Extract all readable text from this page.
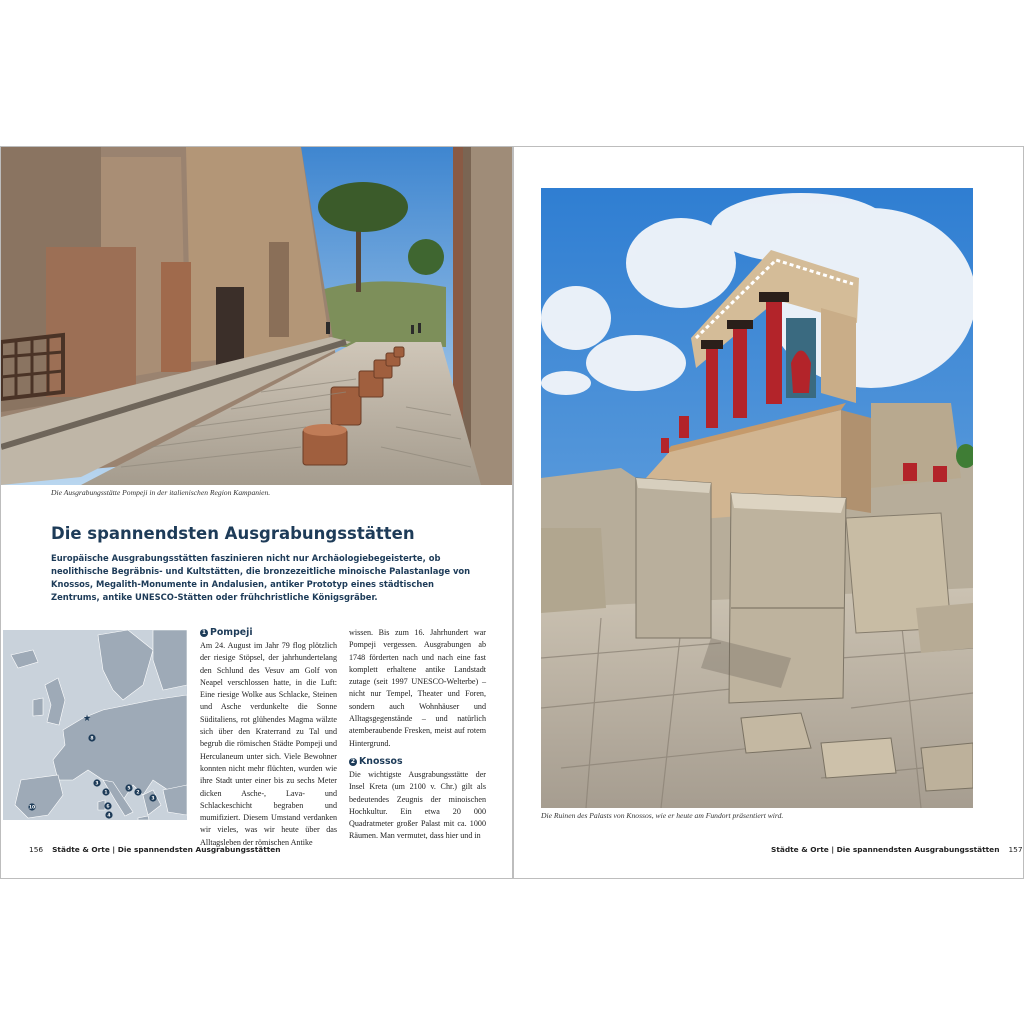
Die Ausgrabungsstätte Pompeji in der italienischen Region Kampanien.
Die spannendsten Ausgrabungsstätten

Europäische Ausgrabungsstätten faszinieren nicht nur Archäologiebegeisterte, ob neolithische Begräbnis- und Kultstätten, die bronzezeitliche minoische Palastanlage von Knossos, Megalith-Monumente in Andalusien, antiker Prototyp eines städtischen Zentrums, antike UNESCO-Stätten oder frühchristliche Königsgräber.

★
8
3
1
5
2
6
4
10
3
1 Pompeji

Am 24. August im Jahr 79 flog plötzlich der riesige Stöpsel, der jahrhundertelang den Schlund des Vesuv am Golf von Neapel verschlossen hatte, in die Luft: Eine riesige Wolke aus Schlacke, Steinen und Asche verdunkelte die Sonne Süditaliens, rot glühendes Magma wälzte sich über den Kraterrand zu Tal und begrub die römischen Städte Pompeji und Herculaneum unter sich. Viele Bewohner konnten nicht mehr flüchten, wurden wie ihre Stadt unter einer bis zu sechs Meter dicken Asche-, Lava- und Schlackeschicht begraben und mumifiziert. Diesem Umstand verdanken wir vieles, was wir heute über das Alltagsleben der römischen Antike

wissen. Bis zum 16. Jahrhundert war Pompeji vergessen. Ausgrabungen ab 1748 förderten nach und nach eine fast komplett erhaltene antike Landstadt zutage (seit 1997 UNESCO-Welterbe) – nicht nur Tempel, Theater und Foren, sondern auch Wohnhäuser und Alltagsgegenstände – und natürlich atemberaubende Fresken, meist auf rotem Hintergrund.

2 Knossos

Die wichtigste Ausgrabungsstätte der Insel Kreta (um 2100 v. Chr.) gilt als bedeutendes Zeugnis der minoischen Hochkultur. Ein etwa 20 000 Quadratmeter großer Palast mit ca. 1000 Räumen. Man vermutet, dass hier und in

156 Städte & Orte | Die spannendsten Ausgrabungsstätten
Die Ruinen des Palasts von Knossos, wie er heute am Fundort präsentiert wird.
Städte & Orte | Die spannendsten Ausgrabungsstätten 157
